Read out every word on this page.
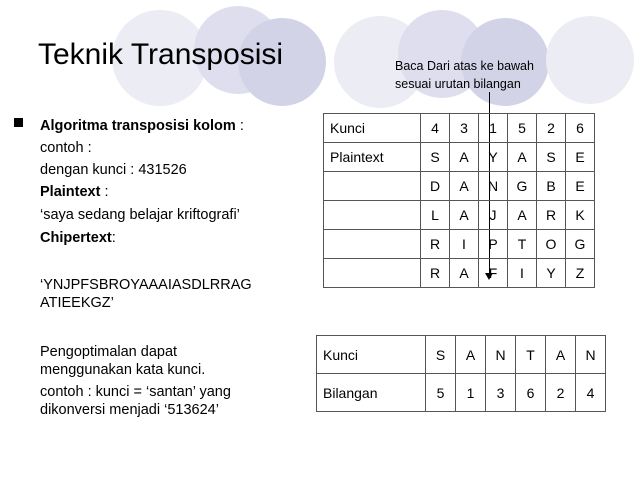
Teknik Transposisi	Baca Dari atas ke bawah
sesuai urutan bilangan
Algoritma transposisi kolom :
contoh :
dengan kunci : 431526
Plaintext :
‘saya sedang belajar kriftografi’
Chipertext:
‘YNJPFSBROYAAAIASDLRRAG
ATIEEKGZ’
Pengoptimalan dapat
menggunakan kata kunci.
contoh : kunci = ‘santan’ yang
dikonversi menjadi ‘513624’
Kunci	4	3	1	5	2	6
Plaintext	S	A	Y	A	S	E
	D	A	N	G	B	E
	L	A	J	A	R	K
	R	I	P	T	O	G
	R	A	F	I	Y	Z
Kunci	S	A	N	T	A	N
Bilangan	5	1	3	6	2	4
